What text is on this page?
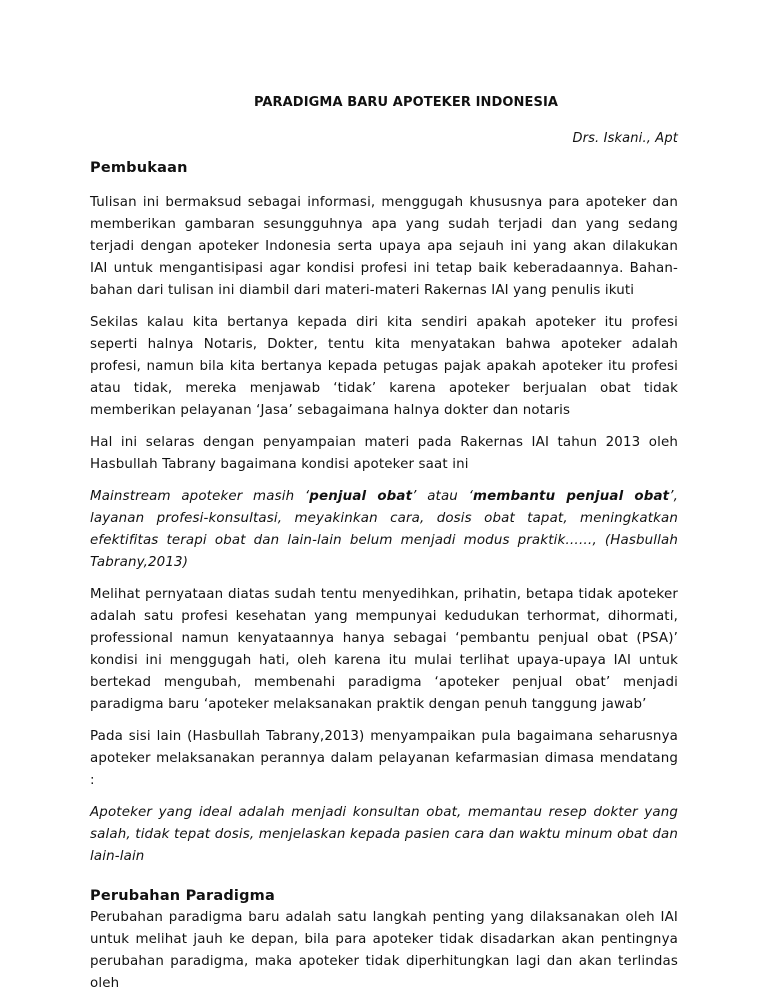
PARADIGMA BARU APOTEKER INDONESIA

Drs. Iskani., Apt

Pembukaan

Tulisan ini bermaksud sebagai informasi, menggugah khususnya para apoteker dan memberikan gambaran sesungguhnya apa yang sudah terjadi dan yang sedang terjadi dengan apoteker Indonesia serta upaya apa sejauh ini yang akan dilakukan IAI untuk mengantisipasi agar kondisi profesi ini tetap baik keberadaannya. Bahan-bahan dari tulisan ini diambil dari materi-materi Rakernas IAI yang penulis ikuti

Sekilas kalau kita bertanya kepada diri kita sendiri apakah apoteker itu profesi seperti halnya Notaris, Dokter, tentu kita menyatakan bahwa apoteker adalah profesi, namun bila kita bertanya kepada petugas pajak apakah apoteker itu profesi atau tidak, mereka menjawab ‘tidak’ karena apoteker berjualan obat tidak memberikan pelayanan ‘Jasa’ sebagaimana halnya dokter dan notaris

Hal ini selaras dengan penyampaian materi pada Rakernas IAI tahun 2013 oleh Hasbullah Tabrany bagaimana kondisi apoteker saat ini

Mainstream apoteker masih ‘penjual obat’ atau ‘membantu penjual obat’, layanan profesi-konsultasi, meyakinkan cara, dosis obat tapat, meningkatkan efektifitas terapi obat dan lain-lain belum menjadi modus praktik……, (Hasbullah Tabrany,2013)

Melihat pernyataan diatas sudah tentu menyedihkan, prihatin, betapa tidak apoteker adalah satu profesi kesehatan yang mempunyai kedudukan terhormat, dihormati, professional namun kenyataannya hanya sebagai ‘pembantu penjual obat (PSA)’ kondisi ini menggugah hati, oleh karena itu mulai terlihat upaya-upaya IAI untuk bertekad mengubah, membenahi paradigma ‘apoteker penjual obat’ menjadi paradigma baru ‘apoteker melaksanakan praktik dengan penuh tanggung jawab’

Pada sisi lain (Hasbullah Tabrany,2013) menyampaikan pula bagaimana seharusnya apoteker melaksanakan perannya dalam pelayanan kefarmasian dimasa mendatang :

Apoteker yang ideal adalah menjadi konsultan obat, memantau resep dokter yang salah, tidak tepat dosis, menjelaskan kepada pasien cara dan waktu minum obat dan lain-lain

Perubahan Paradigma

Perubahan paradigma baru adalah satu langkah penting yang dilaksanakan oleh IAI untuk melihat jauh ke depan, bila para apoteker tidak disadarkan akan pentingnya perubahan paradigma, maka apoteker tidak diperhitungkan lagi dan akan terlindas oleh
